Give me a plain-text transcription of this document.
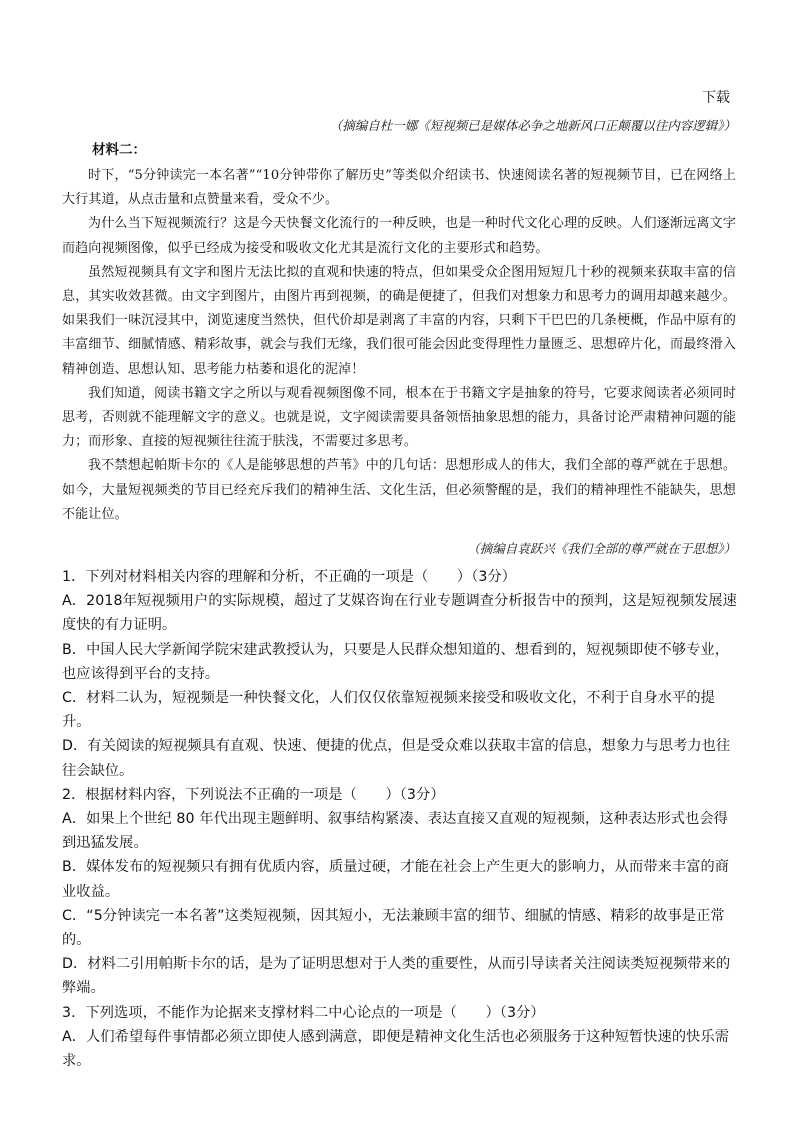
下载
（摘编自杜一娜《短视频已是媒体必争之地新风口正颠覆以往内容逻辑》）
材料二：

时下，“5分钟读完一本名著”“10分钟带你了解历史”等类似介绍读书、快速阅读名著的短视频节目，已在网络上大行其道，从点击量和点赞量来看，受众不少。

为什么当下短视频流行？这是今天快餐文化流行的一种反映，也是一种时代文化心理的反映。人们逐渐远离文字而趋向视频图像，似乎已经成为接受和吸收文化尤其是流行文化的主要形式和趋势。

虽然短视频具有文字和图片无法比拟的直观和快速的特点，但如果受众企图用短短几十秒的视频来获取丰富的信息，其实收效甚微。由文字到图片，由图片再到视频，的确是便捷了，但我们对想象力和思考力的调用却越来越少。如果我们一味沉浸其中，浏览速度当然快，但代价却是剥离了丰富的内容，只剩下干巴巴的几条梗概，作品中原有的丰富细节、细腻情感、精彩故事，就会与我们无缘，我们很可能会因此变得理性力量匮乏、思想碎片化，而最终滑入精神创造、思想认知、思考能力枯萎和退化的泥淖！

我们知道，阅读书籍文字之所以与观看视频图像不同，根本在于书籍文字是抽象的符号，它要求阅读者必须同时思考，否则就不能理解文字的意义。也就是说，文字阅读需要具备领悟抽象思想的能力，具备讨论严肃精神问题的能力；而形象、直接的短视频往往流于肤浅，不需要过多思考。

我不禁想起帕斯卡尔的《人是能够思想的芦苇》中的几句话：思想形成人的伟大，我们全部的尊严就在于思想。如今，大量短视频类的节目已经充斥我们的精神生活、文化生活，但必须警醒的是，我们的精神理性不能缺失，思想不能让位。

（摘编自袁跃兴《我们全部的尊严就在于思想》）

1．下列对材料相关内容的理解和分析，不正确的一项是（　　）（3分）

A．2018年短视频用户的实际规模，超过了艾媒咨询在行业专题调查分析报告中的预判，这是短视频发展速度快的有力证明。

B．中国人民大学新闻学院宋建武教授认为，只要是人民群众想知道的、想看到的，短视频即使不够专业，也应该得到平台的支持。

C．材料二认为，短视频是一种快餐文化，人们仅仅依靠短视频来接受和吸收文化，不利于自身水平的提升。

D．有关阅读的短视频具有直观、快速、便捷的优点，但是受众难以获取丰富的信息，想象力与思考力也往往会缺位。

2．根据材料内容，下列说法不正确的一项是（　　）（3分）

A．如果上个世纪 80 年代出现主题鲜明、叙事结构紧凑、表达直接又直观的短视频，这种表达形式也会得到迅猛发展。

B．媒体发布的短视频只有拥有优质内容，质量过硬，才能在社会上产生更大的影响力，从而带来丰富的商业收益。

C．“5分钟读完一本名著”这类短视频，因其短小，无法兼顾丰富的细节、细腻的情感、精彩的故事是正常的。

D．材料二引用帕斯卡尔的话，是为了证明思想对于人类的重要性，从而引导读者关注阅读类短视频带来的弊端。

3．下列选项，不能作为论据来支撑材料二中心论点的一项是（　　）（3分）

A．人们希望每件事情都必须立即使人感到满意，即便是精神文化生活也必须服务于这种短暂快速的快乐需求。
